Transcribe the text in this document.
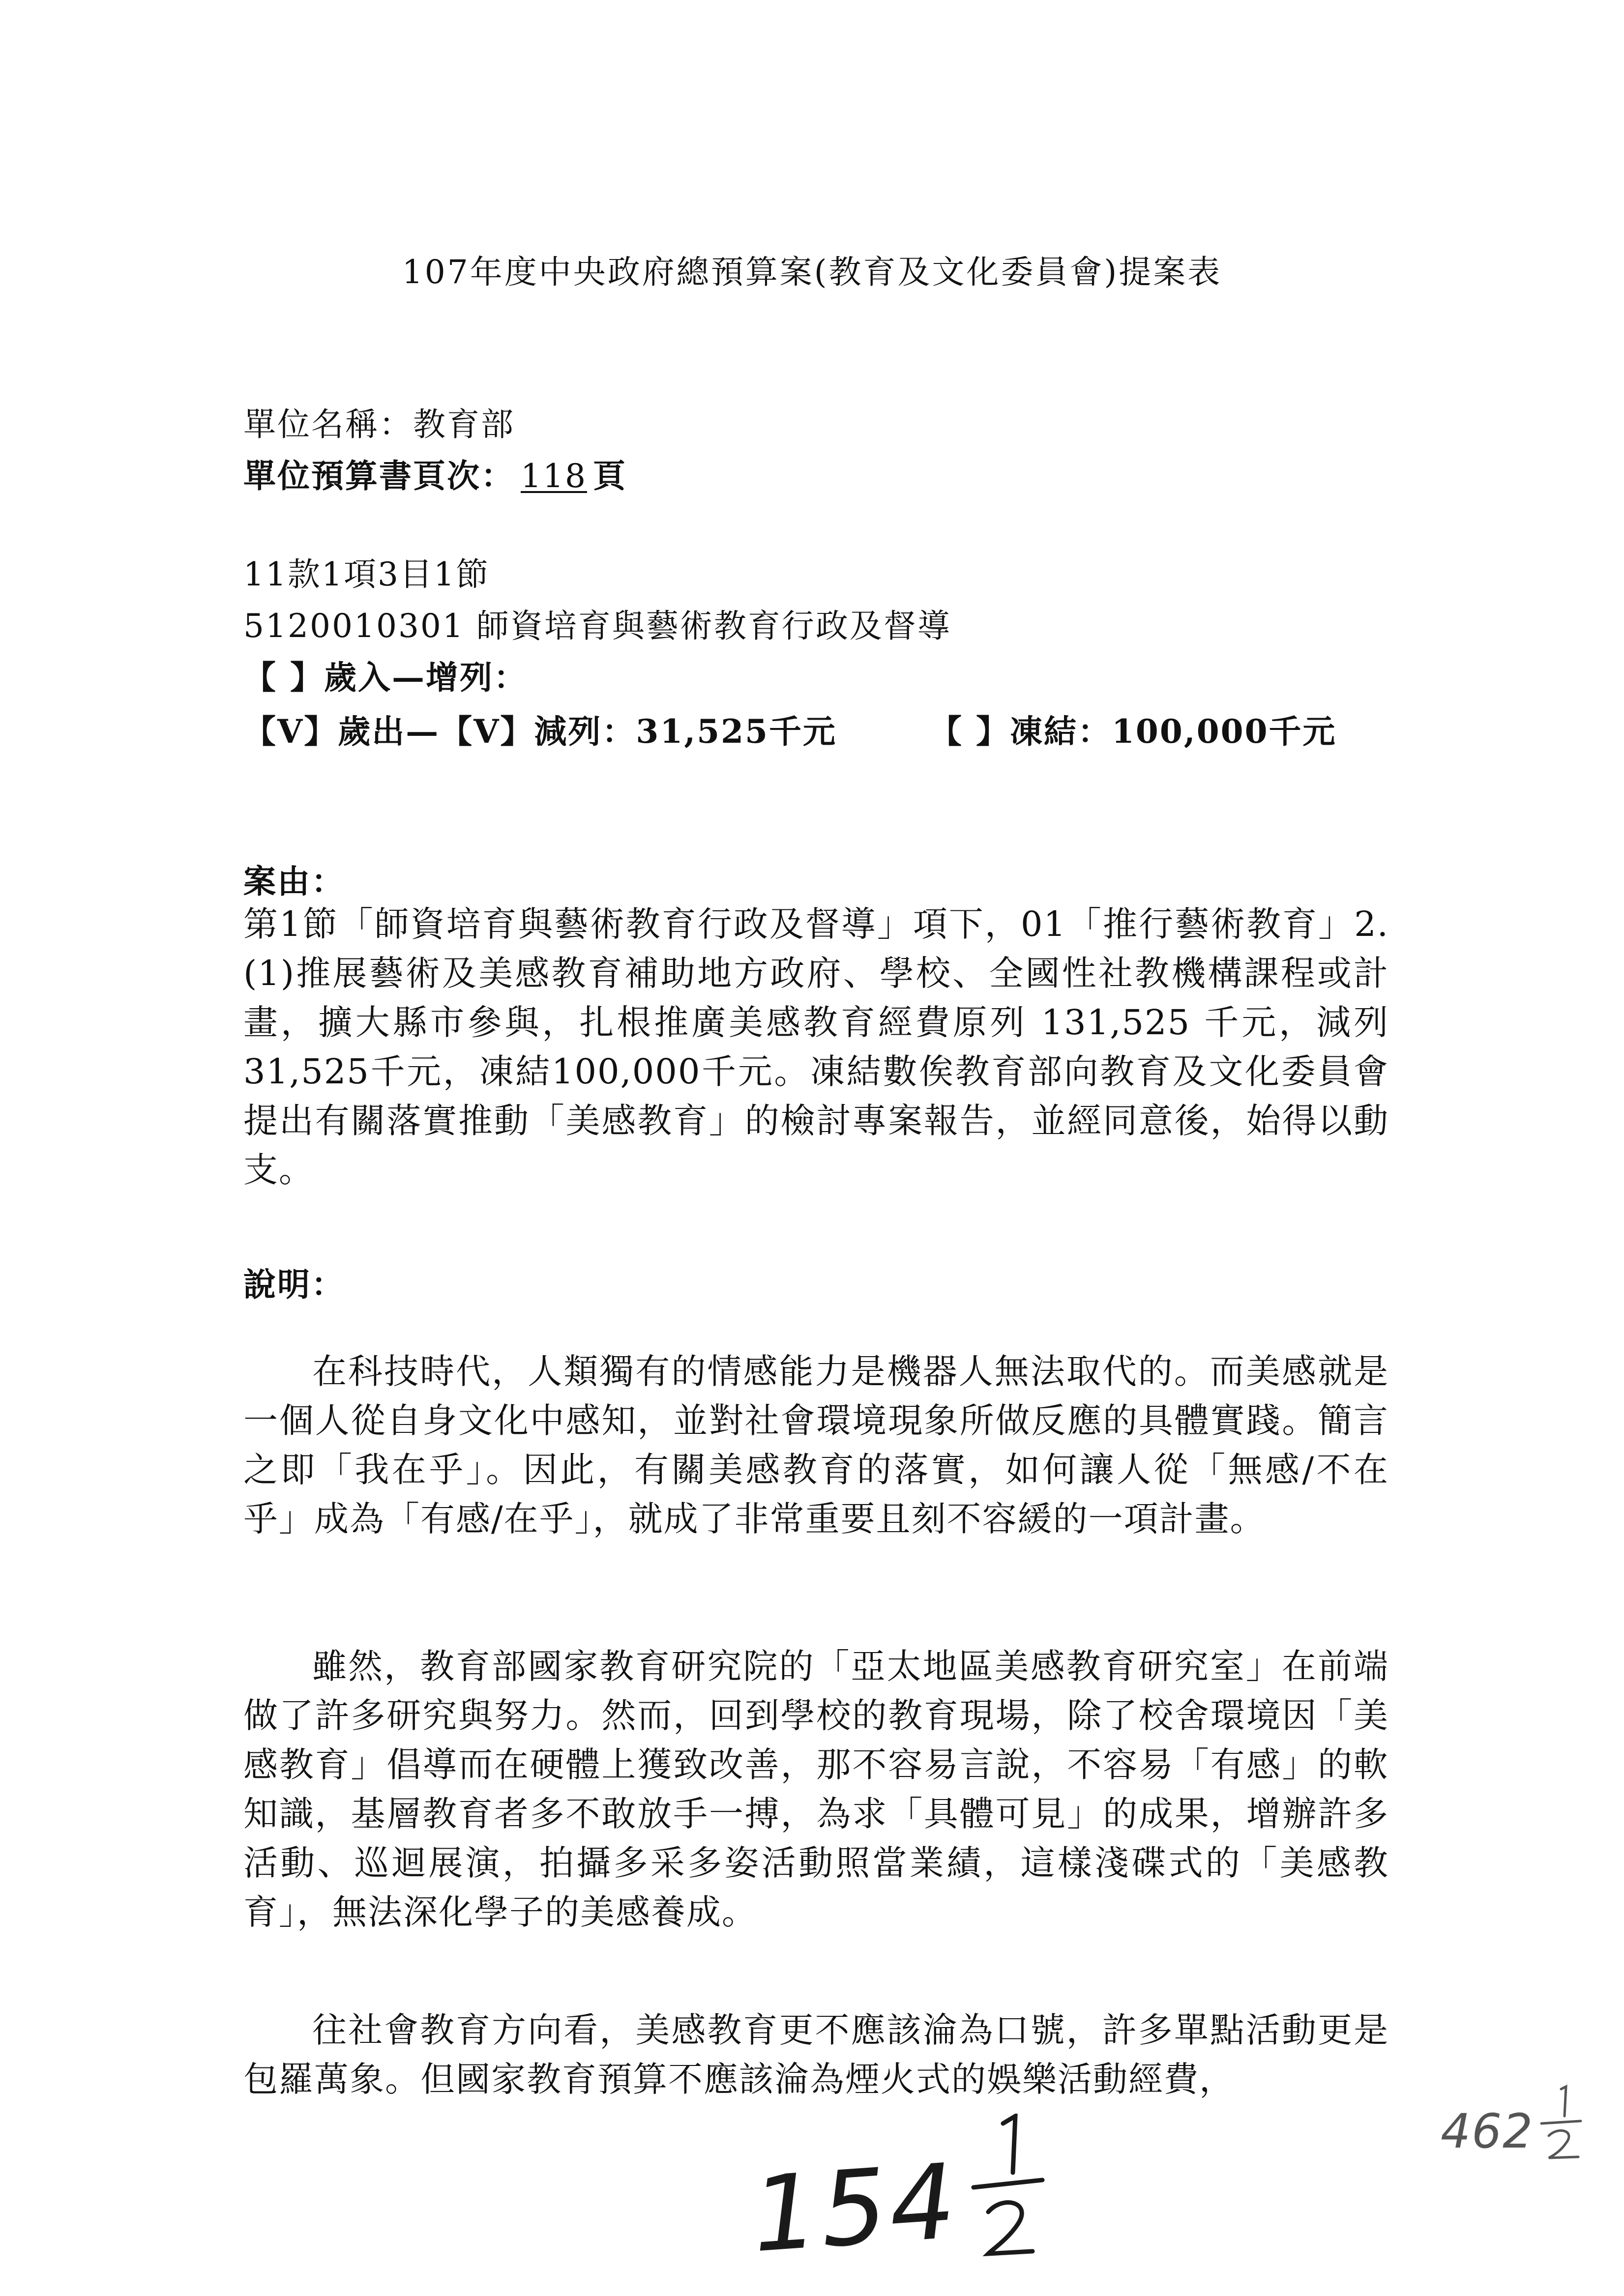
107年度中央政府總預算案(教育及文化委員會)提案表
單位名稱：教育部
單位預算書頁次： 118 頁
11款1項3目1節
5120010301 師資培育與藝術教育行政及督導
【 】歲入—增列：
【V】歲出—【V】減列：31,525千元	【 】凍結：100,000千元
案由：
第1節「師資培育與藝術教育行政及督導」項下，01「推行藝術教育」2.(1)推展藝術及美感教育補助地方政府、學校、全國性社教機構課程或計畫，擴大縣市參與，扎根推廣美感教育經費原列 131,525 千元，減列31,525千元，凍結100,000千元。凍結數俟教育部向教育及文化委員會提出有關落實推動「美感教育」的檢討專案報告，並經同意後，始得以動支。
說明：
在科技時代，人類獨有的情感能力是機器人無法取代的。而美感就是一個人從自身文化中感知，並對社會環境現象所做反應的具體實踐。簡言之即「我在乎」。因此，有關美感教育的落實，如何讓人從「無感/不在乎」成為「有感/在乎」，就成了非常重要且刻不容緩的一項計畫。
雖然，教育部國家教育研究院的「亞太地區美感教育研究室」在前端做了許多研究與努力。然而，回到學校的教育現場，除了校舍環境因「美感教育」倡導而在硬體上獲致改善，那不容易言說，不容易「有感」的軟知識，基層教育者多不敢放手一搏，為求「具體可見」的成果，增辦許多活動、巡迴展演，拍攝多采多姿活動照當業績，這樣淺碟式的「美感教育」，無法深化學子的美感養成。
往社會教育方向看，美感教育更不應該淪為口號，許多單點活動更是包羅萬象。但國家教育預算不應該淪為煙火式的娛樂活動經費，
154
462
